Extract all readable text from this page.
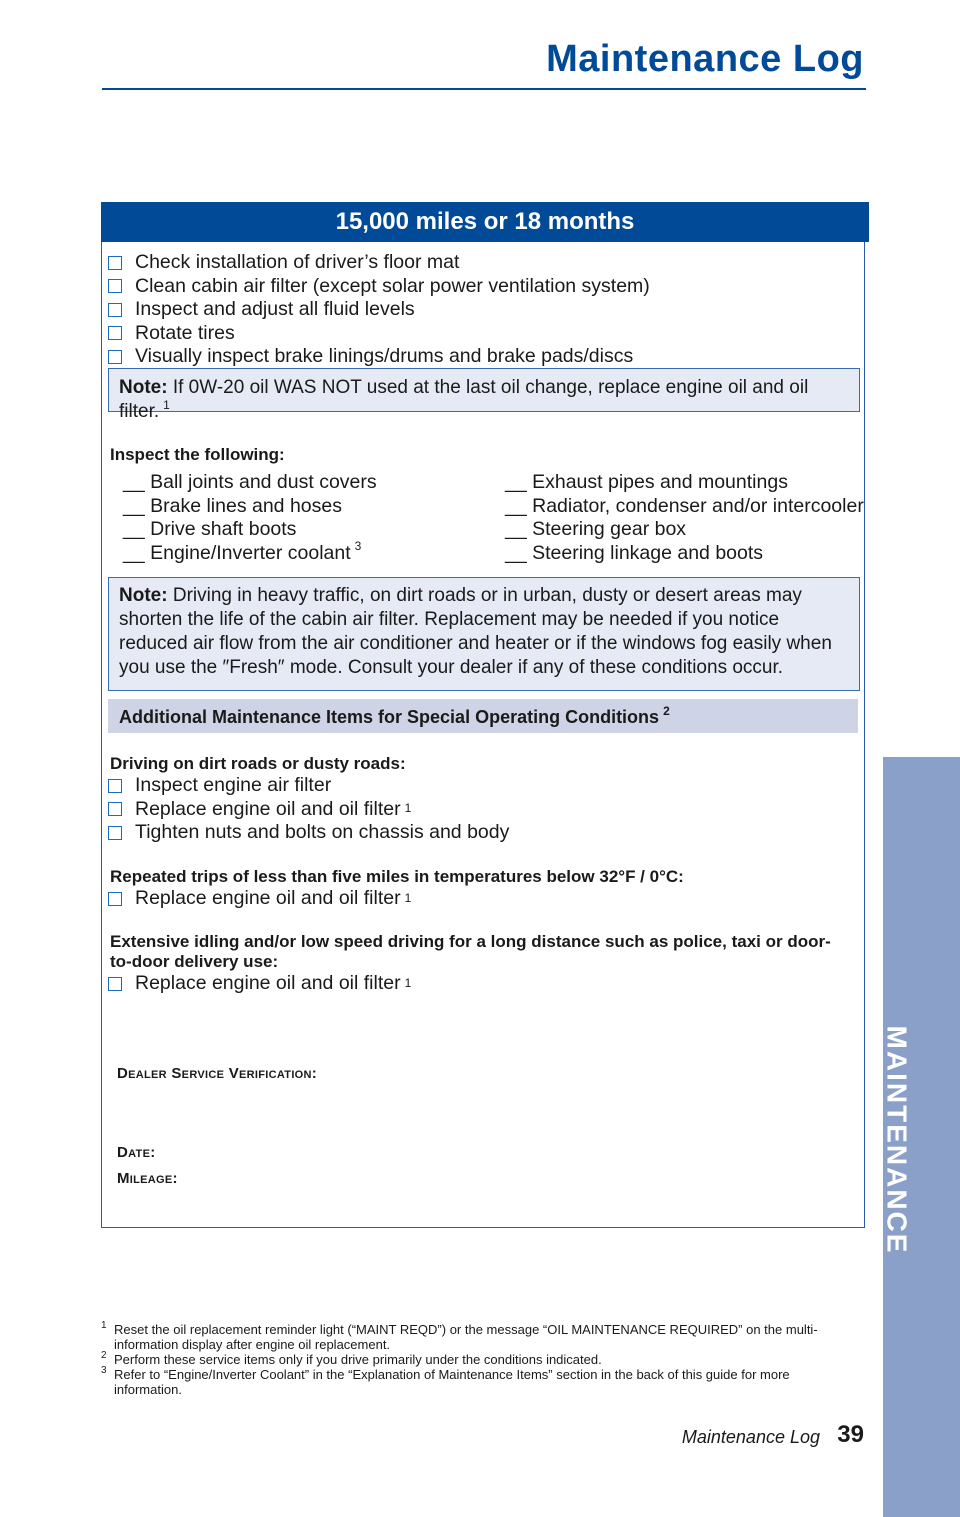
Maintenance Log
15,000 miles or 18 months
Check installation of driver’s floor mat
Clean cabin air filter (except solar power ventilation system)
Inspect and adjust all fluid levels
Rotate tires
Visually inspect brake linings/drums and brake pads/discs
Note: If 0W-20 oil WAS NOT used at the last oil change, replace engine oil and oil filter. $^1$
Inspect the following:
__ Ball joints and dust covers
__ Brake lines and hoses
__ Drive shaft boots
__ Engine/Inverter coolant $^3$
__ Exhaust pipes and mountings
__ Radiator, condenser and/or intercooler
__ Steering gear box
__ Steering linkage and boots
Note: Driving in heavy traffic, on dirt roads or in urban, dusty or desert areas may shorten the life of the cabin air filter. Replacement may be needed if you notice reduced air flow from the air conditioner and heater or if the windows fog easily when you use the ″Fresh″ mode. Consult your dealer if any of these conditions occur.
Additional Maintenance Items for Special Operating Conditions $^2$
Driving on dirt roads or dusty roads:
Inspect engine air filter
Replace engine oil and oil filter $^1$
Tighten nuts and bolts on chassis and body
Repeated trips of less than five miles in temperatures below 32°F / 0°C:
Replace engine oil and oil filter $^1$
Extensive idling and/or low speed driving for a long distance such as police, taxi or door-to-door delivery use:
Replace engine oil and oil filter $^1$
Dealer Service Verification:
Date:
Mileage:	MAINTENANCE
1 Reset the oil replacement reminder light (“MAINT REQD”) or the message “OIL MAINTENANCE REQUIRED” on the multi-information display after engine oil replacement.
2 Perform these service items only if you drive primarily under the conditions indicated.
3 Refer to “Engine/Inverter Coolant” in the “Explanation of Maintenance Items” section in the back of this guide for more information.
Maintenance Log 39
